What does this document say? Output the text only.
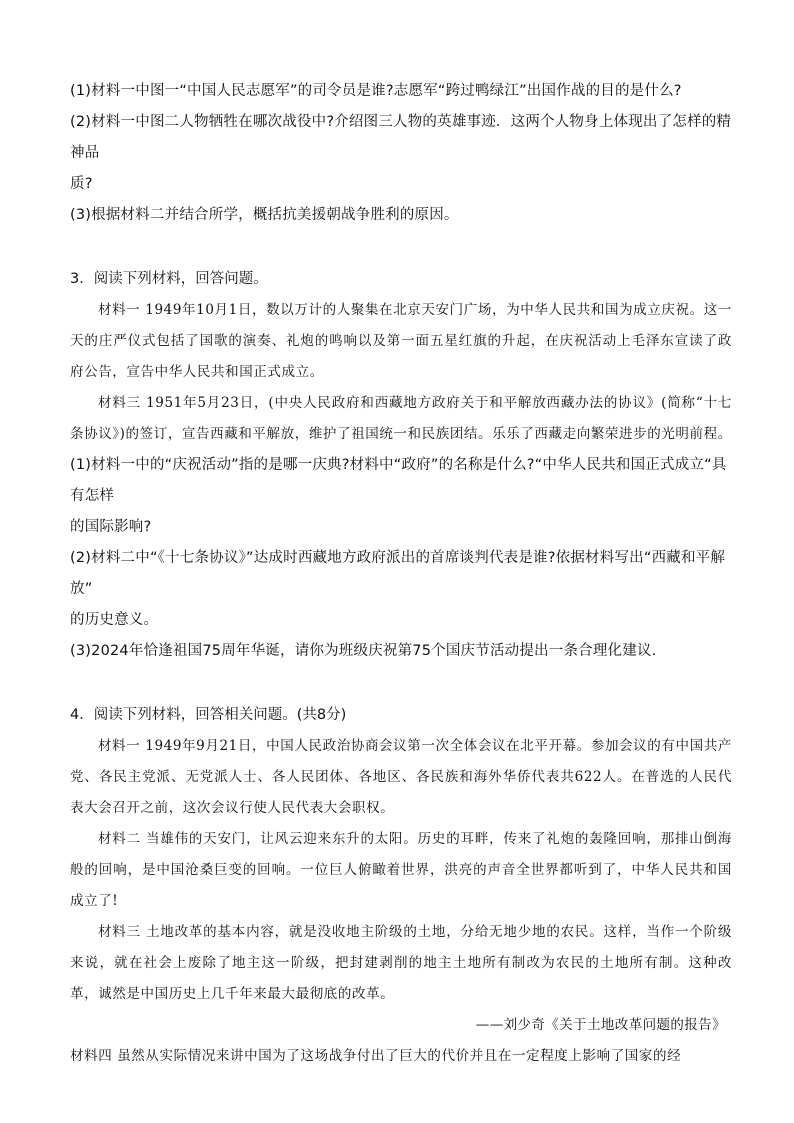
(1)材料一中图一“中国人民志愿军”的司令员是谁?志愿军“跨过鸭绿江”出国作战的目的是什么?

(2)材料一中图二人物牺牲在哪次战役中?介绍图三人物的英雄事迹．这两个人物身上体现出了怎样的精神品

质?

(3)根据材料二并结合所学，概括抗美援朝战争胜利的原因。

3．阅读下列材料，回答问题。

材料一 1949年10月1日，数以万计的人聚集在北京天安门广场，为中华人民共和国为成立庆祝。这一天的庄严仪式包括了国歌的演奏、礼炮的鸣响以及第一面五星红旗的升起，在庆祝活动上毛泽东宣读了政府公告，宣告中华人民共和国正式成立。

材料三 1951年5月23日，(中央人民政府和西藏地方政府关于和平解放西藏办法的协议》(简称“十七条协议》)的签订，宣告西藏和平解放，维护了祖国统一和民族团结。乐乐了西藏走向繁荣进步的光明前程。

(1)材料一中的“庆祝活动”指的是哪一庆典?材料中“政府”的名称是什么?“中华人民共和国正式成立“具有怎样

的国际影响?

(2)材料二中“《十七条协议》”达成时西藏地方政府派出的首席谈判代表是谁?依据材料写出“西藏和平解放”

的历史意义。

(3)2024年恰逢祖国75周年华诞，请你为班级庆祝第75个国庆节活动提出一条合理化建议.

4．阅读下列材料，回答相关问题。(共8分)

材料一 1949年9月21日，中国人民政治协商会议第一次全体会议在北平开幕。参加会议的有中国共产党、各民主党派、无党派人士、各人民团体、各地区、各民族和海外华侨代表共622人。在普选的人民代表大会召开之前，这次会议行使人民代表大会职权。

材料二 当雄伟的天安门，让风云迎来东升的太阳。历史的耳畔，传来了礼炮的轰隆回响，那排山倒海般的回响，是中国沧桑巨变的回响。一位巨人俯瞰着世界，洪亮的声音全世界都听到了，中华人民共和国成立了!

材料三 土地改革的基本内容，就是没收地主阶级的土地，分给无地少地的农民。这样，当作一个阶级来说，就在社会上废除了地主这一阶级，把封建剥削的地主土地所有制改为农民的土地所有制。这种改革，诚然是中国历史上几千年来最大最彻底的改革。

——刘少奇《关于土地改革问题的报告》

材料四 虽然从实际情况来讲中国为了这场战争付出了巨大的代价并且在一定程度上影响了国家的经
